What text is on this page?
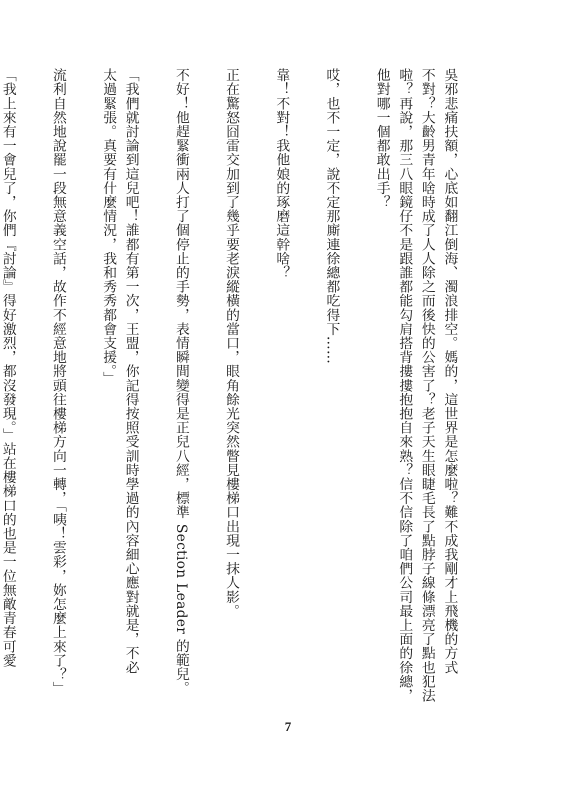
吳邪悲痛扶額，心底如翻江倒海、濁浪排空。媽的，這世界是怎麼啦？難不成我剛才上飛機的方式
不對？大齡男青年啥時成了人人除之而後快的公害了？老子天生眼睫毛長了點脖子線條漂亮了點也犯法
啦？再說，那三八眼鏡仔不是跟誰都能勾肩搭背摟摟抱抱自來熟？信不信除了咱們公司最上面的徐總，
他對哪一個都敢出手？
哎，也不一定，說不定那廝連徐總都吃得下……
靠！不對！我他娘的琢磨這幹啥？
正在驚怒囧雷交加到了幾乎要老淚縱橫的當口，眼角餘光突然瞥見樓梯口出現一抹人影。
不好！他趕緊衝兩人打了個停止的手勢，表情瞬間變得是正兒八經，標準 Section Leader 的範兒。
「我們就討論到這兒吧！誰都有第一次，王盟，你記得按照受訓時學過的內容細心應對就是，不必
太過緊張。真要有什麼情況，我和秀秀都會支援。」
流利自然地說罷一段無意義空話，故作不經意地將頭往樓梯方向一轉，「咦！雲彩，妳怎麼上來了？」
「我上來有一會兒了，你們『討論』得好激烈，都沒發現。」站在樓梯口的也是一位無敵青春可愛
7
